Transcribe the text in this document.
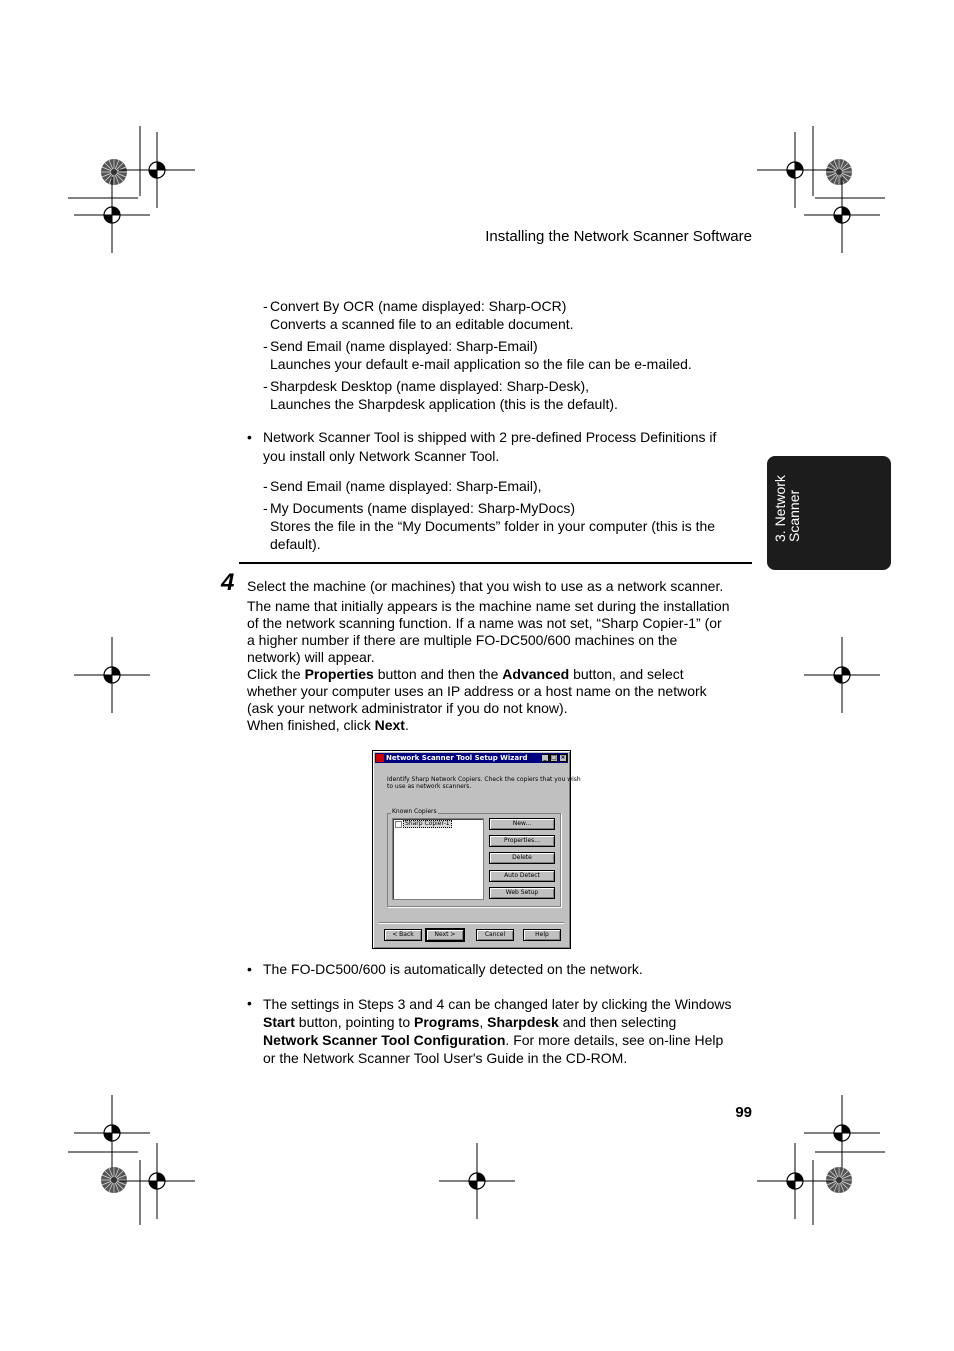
Installing the Network Scanner Software
3. Network
Scanner
- Convert By OCR (name displayed: Sharp-OCR)
Converts a scanned file to an editable document.
- Send Email (name displayed: Sharp-Email)
Launches your default e-mail application so the file can be e-mailed.
- Sharpdesk Desktop (name displayed: Sharp-Desk),
Launches the Sharpdesk application (this is the default).
• Network Scanner Tool is shipped with 2 pre-defined Process Definitions if
you install only Network Scanner Tool.
- Send Email (name displayed: Sharp-Email),
- My Documents (name displayed: Sharp-MyDocs)
Stores the file in the “My Documents” folder in your computer (this is the
default).
4 Select the machine (or machines) that you wish to use as a network scanner.
The name that initially appears is the machine name set during the installation
of the network scanning function. If a name was not set, “Sharp Copier-1” (or
a higher number if there are multiple FO-DC500/600 machines on the
network) will appear.
Click the Properties button and then the Advanced button, and select
whether your computer uses an IP address or a host name on the network
(ask your network administrator if you do not know).
When finished, click Next.
Network Scanner Tool Setup Wizard	_ □ ×
Identify Sharp Network Copiers. Check the copiers that you wish
to use as network scanners.
Known Copiers
Sharp Copier-1	New...
Properties...
Delete
Auto Detect
Web Setup
< Back	Next >	Cancel	Help
• The FO-DC500/600 is automatically detected on the network.
• The settings in Steps 3 and 4 can be changed later by clicking the Windows
Start button, pointing to Programs, Sharpdesk and then selecting
Network Scanner Tool Configuration. For more details, see on-line Help
or the Network Scanner Tool User's Guide in the CD-ROM.
99
